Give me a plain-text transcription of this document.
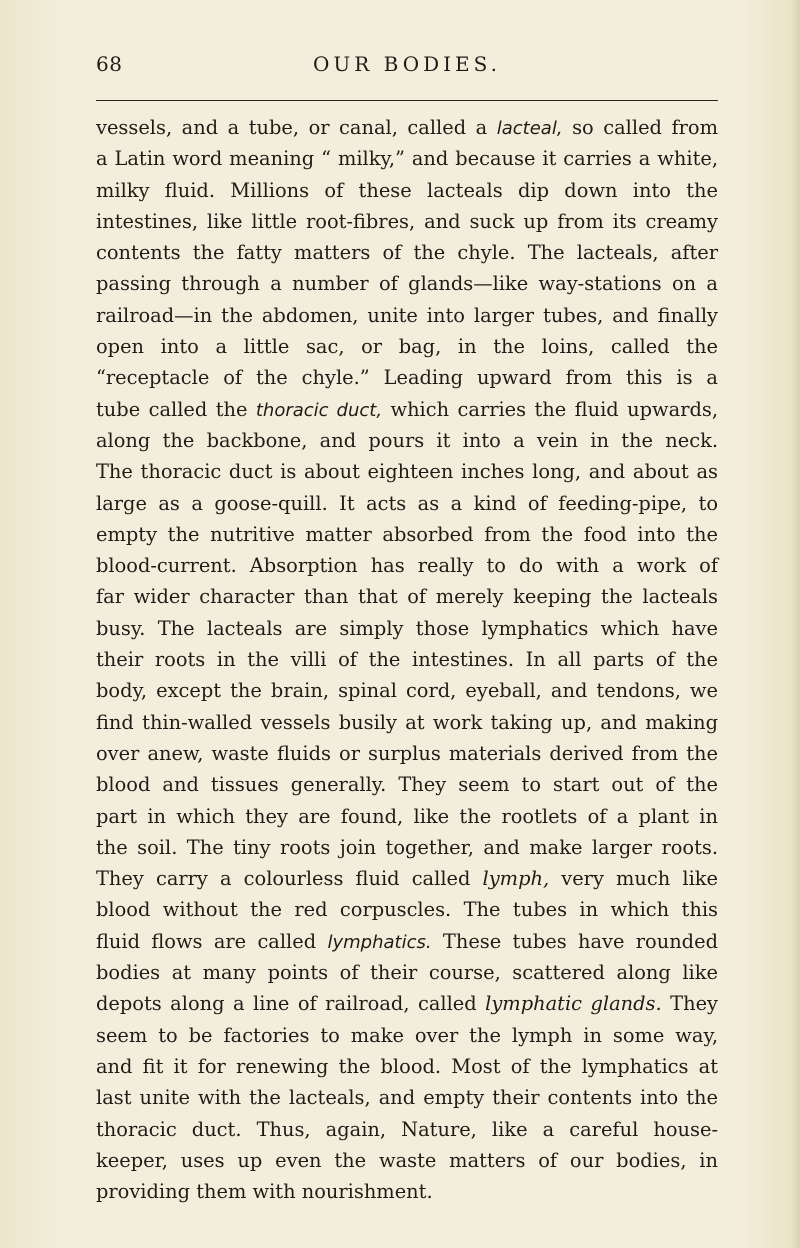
68	OUR BODIES.
vessels, and a tube, or canal, called a lacteal, so called from
a Latin word meaning “ milky,” and because it carries a white,
milky fluid. Millions of these lacteals dip down into the
intestines, like little root-fibres, and suck up from its creamy
contents the fatty matters of the chyle. The lacteals, after
passing through a number of glands—like way-stations on a
railroad—in the abdomen, unite into larger tubes, and finally
open into a little sac, or bag, in the loins, called the
“receptacle of the chyle.” Leading upward from this is a
tube called the thoracic duct, which carries the fluid upwards,
along the backbone, and pours it into a vein in the neck.
The thoracic duct is about eighteen inches long, and about as
large as a goose-quill. It acts as a kind of feeding-pipe, to
empty the nutritive matter absorbed from the food into the
blood-current. Absorption has really to do with a work of
far wider character than that of merely keeping the lacteals
busy. The lacteals are simply those lymphatics which have
their roots in the villi of the intestines. In all parts of the
body, except the brain, spinal cord, eyeball, and tendons, we
find thin-walled vessels busily at work taking up, and making
over anew, waste fluids or surplus materials derived from the
blood and tissues generally. They seem to start out of the
part in which they are found, like the rootlets of a plant in
the soil. The tiny roots join together, and make larger roots.
They carry a colourless fluid called lymph, very much like
blood without the red corpuscles. The tubes in which this
fluid flows are called lymphatics. These tubes have rounded
bodies at many points of their course, scattered along like
depots along a line of railroad, called lymphatic glands. They
seem to be factories to make over the lymph in some way,
and fit it for renewing the blood. Most of the lymphatics at
last unite with the lacteals, and empty their contents into the
thoracic duct. Thus, again, Nature, like a careful house-
keeper, uses up even the waste matters of our bodies, in
providing them with nourishment.
